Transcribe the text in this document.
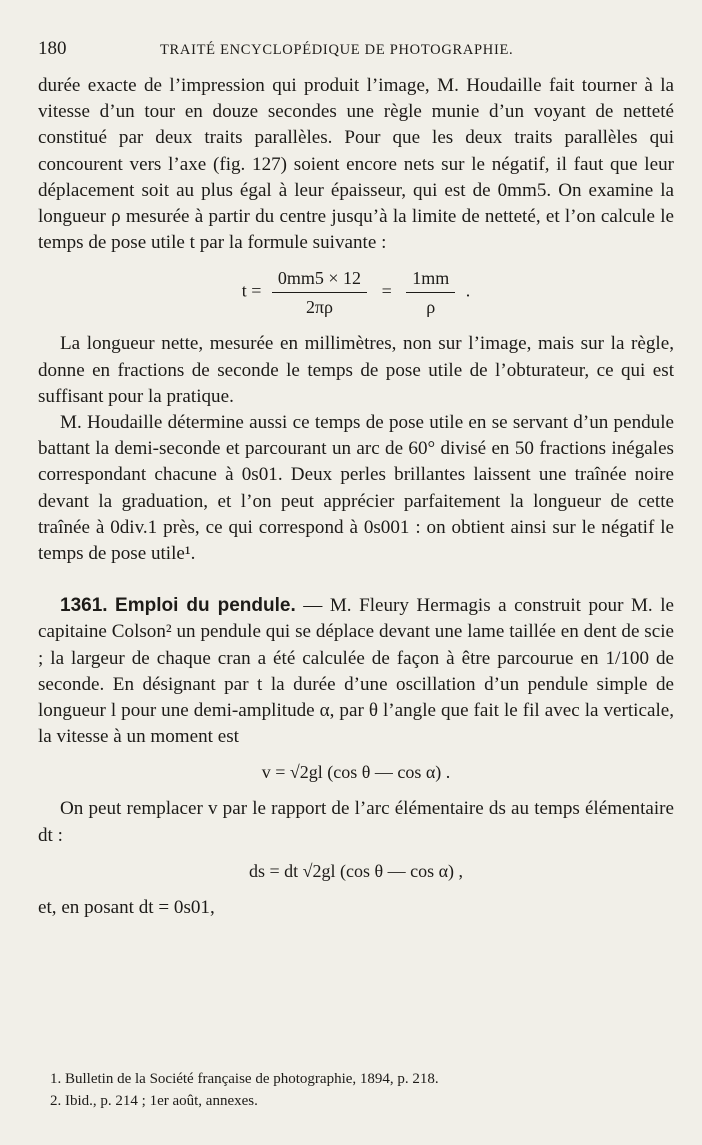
180	TRAITÉ ENCYCLOPÉDIQUE DE PHOTOGRAPHIE.

durée exacte de l’impression qui produit l’image, M. Houdaille fait tourner à la vitesse d’un tour en douze secondes une règle munie d’un voyant de netteté constitué par deux traits parallèles. Pour que les deux traits parallèles qui concourent vers l’axe (fig. 127) soient encore nets sur le négatif, il faut que leur déplacement soit au plus égal à leur épaisseur, qui est de 0mm5. On examine la longueur ρ mesurée à partir du centre jusqu’à la limite de netteté, et l’on calcule le temps de pose utile t par la formule suivante :

$t = \frac{0mm5 \times 12}{2\pi\rho} = \frac{1mm}{\rho}$ .

La longueur nette, mesurée en millimètres, non sur l’image, mais sur la règle, donne en fractions de seconde le temps de pose utile de l’obturateur, ce qui est suffisant pour la pratique.

M. Houdaille détermine aussi ce temps de pose utile en se servant d’un pendule battant la demi-seconde et parcourant un arc de 60° divisé en 50 fractions inégales correspondant chacune à 0s01. Deux perles brillantes laissent une traînée noire devant la graduation, et l’on peut apprécier parfaitement la longueur de cette traînée à 0div.1 près, ce qui correspond à 0s001 : on obtient ainsi sur le négatif le temps de pose utile¹.

1361. Emploi du pendule. — M. Fleury Hermagis a construit pour M. le capitaine Colson² un pendule qui se déplace devant une lame taillée en dent de scie ; la largeur de chaque cran a été calculée de façon à être parcourue en 1/100 de seconde. En désignant par t la durée d’une oscillation d’un pendule simple de longueur l pour une demi-amplitude α, par θ l’angle que fait le fil avec la verticale, la vitesse à un moment est

v = √2gl (cos θ — cos α) .

On peut remplacer v par le rapport de l’arc élémentaire ds au temps élémentaire dt :

ds = dt √2gl (cos θ — cos α) ,

et, en posant dt = 0s01,

1. Bulletin de la Société française de photographie, 1894, p. 218.

2. Ibid., p. 214 ; 1er août, annexes.
